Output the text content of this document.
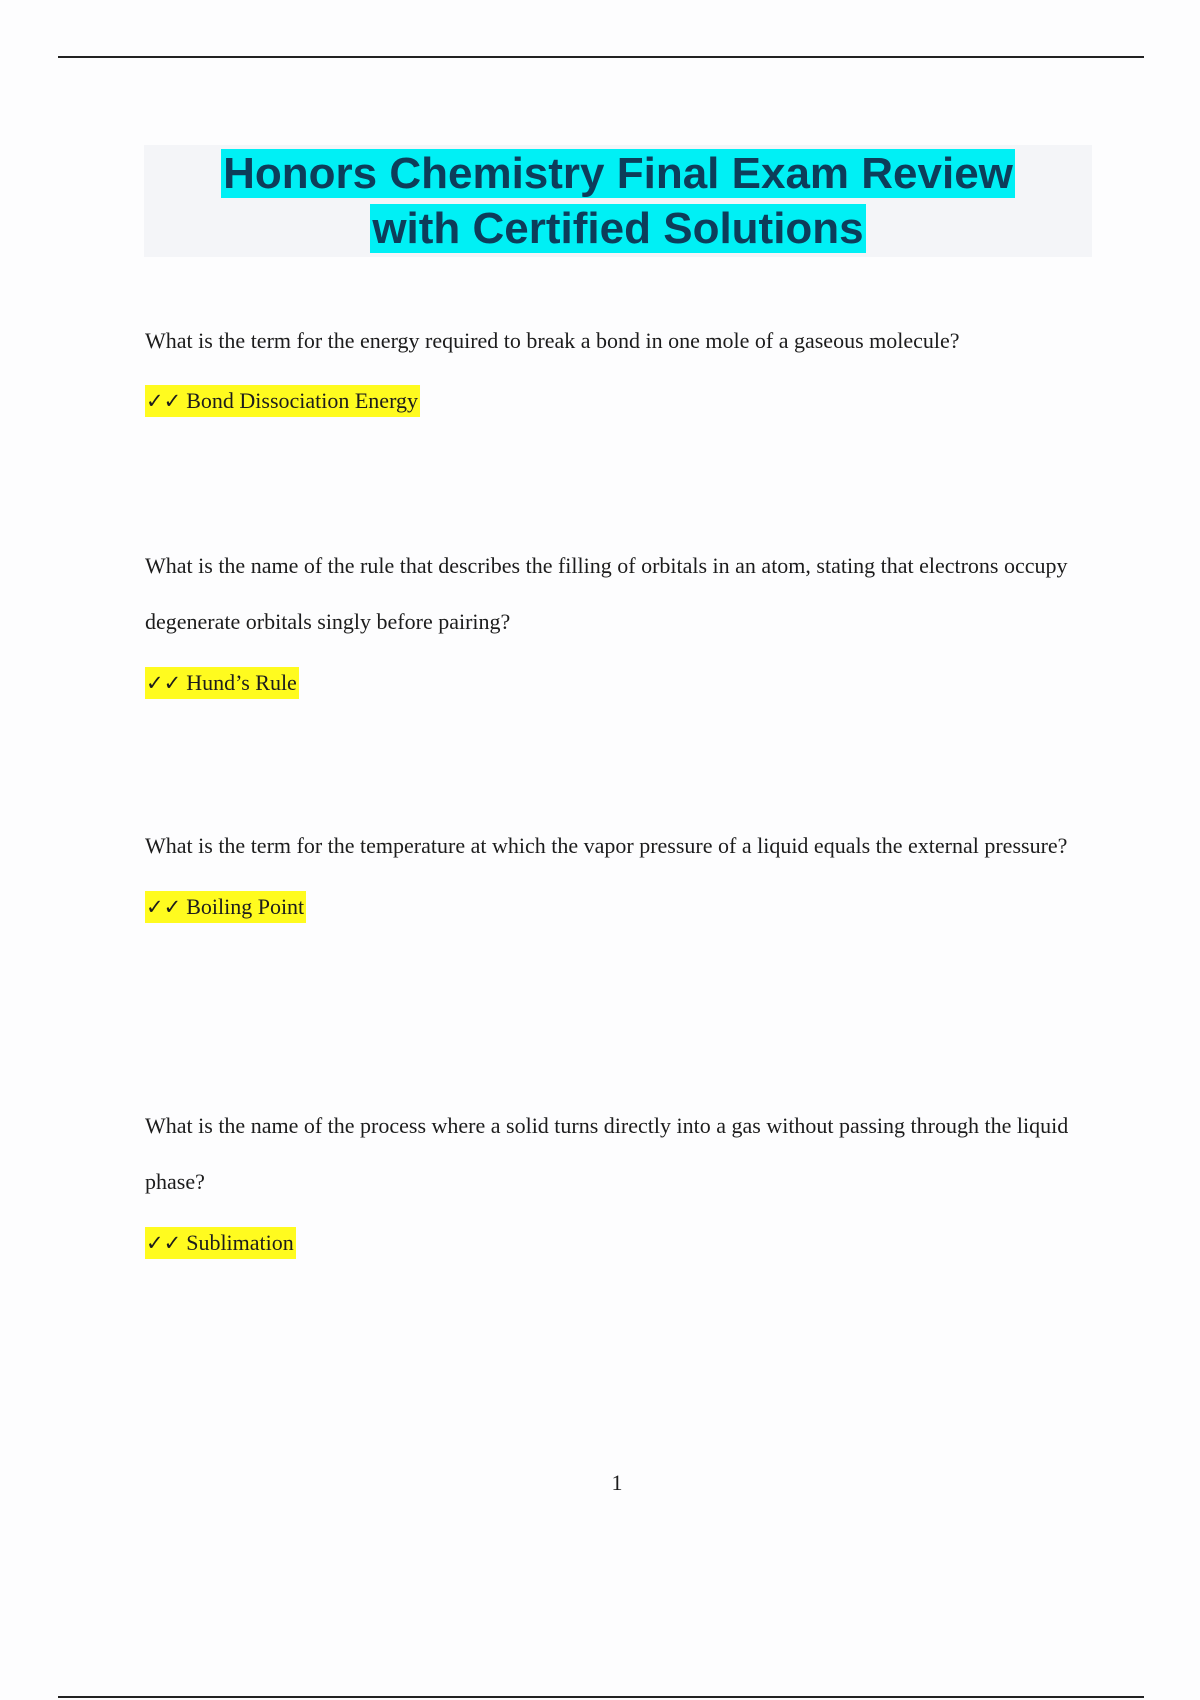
Honors Chemistry Final Exam Review
with Certified Solutions

What is the term for the energy required to break a bond in one mole of a gaseous molecule?

✓✓ Bond Dissociation Energy

What is the name of the rule that describes the filling of orbitals in an atom, stating that electrons occupy degenerate orbitals singly before pairing?

✓✓ Hund’s Rule

What is the term for the temperature at which the vapor pressure of a liquid equals the external pressure?

✓✓ Boiling Point

What is the name of the process where a solid turns directly into a gas without passing through the liquid phase?

✓✓ Sublimation

1
